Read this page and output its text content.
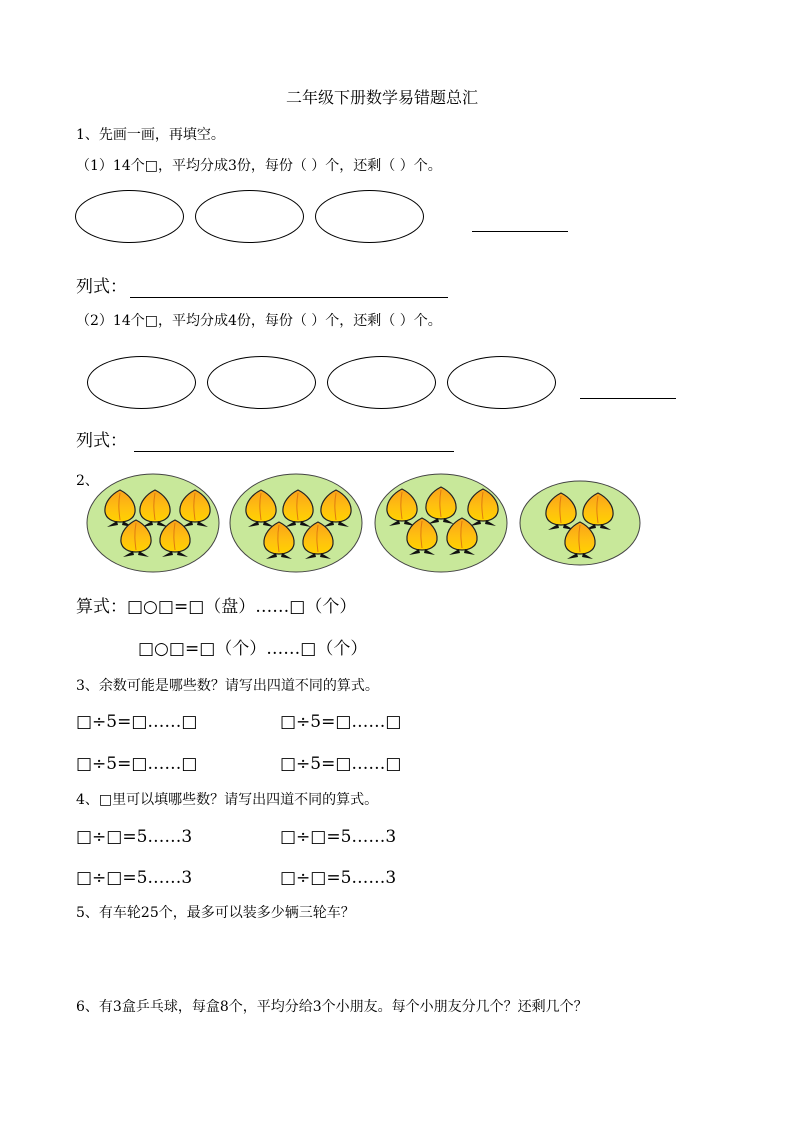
二年级下册数学易错题总汇
1、先画一画，再填空。
（1）14个□，平均分成3份，每份（ ）个，还剩（ ）个。
列式：
（2）14个□，平均分成4份，每份（ ）个，还剩（ ）个。
列式：
2、
算式：□○□=□（盘）……□（个）
□○□=□（个）……□（个）
3、余数可能是哪些数？请写出四道不同的算式。
□÷5=□……□	□÷5=□……□
□÷5=□……□	□÷5=□……□
4、□里可以填哪些数？请写出四道不同的算式。
□÷□=5……3	□÷□=5……3
□÷□=5……3	□÷□=5……3
5、有车轮25个，最多可以装多少辆三轮车？
6、有3盒乒乓球，每盒8个，平均分给3个小朋友。每个小朋友分几个？还剩几个？
